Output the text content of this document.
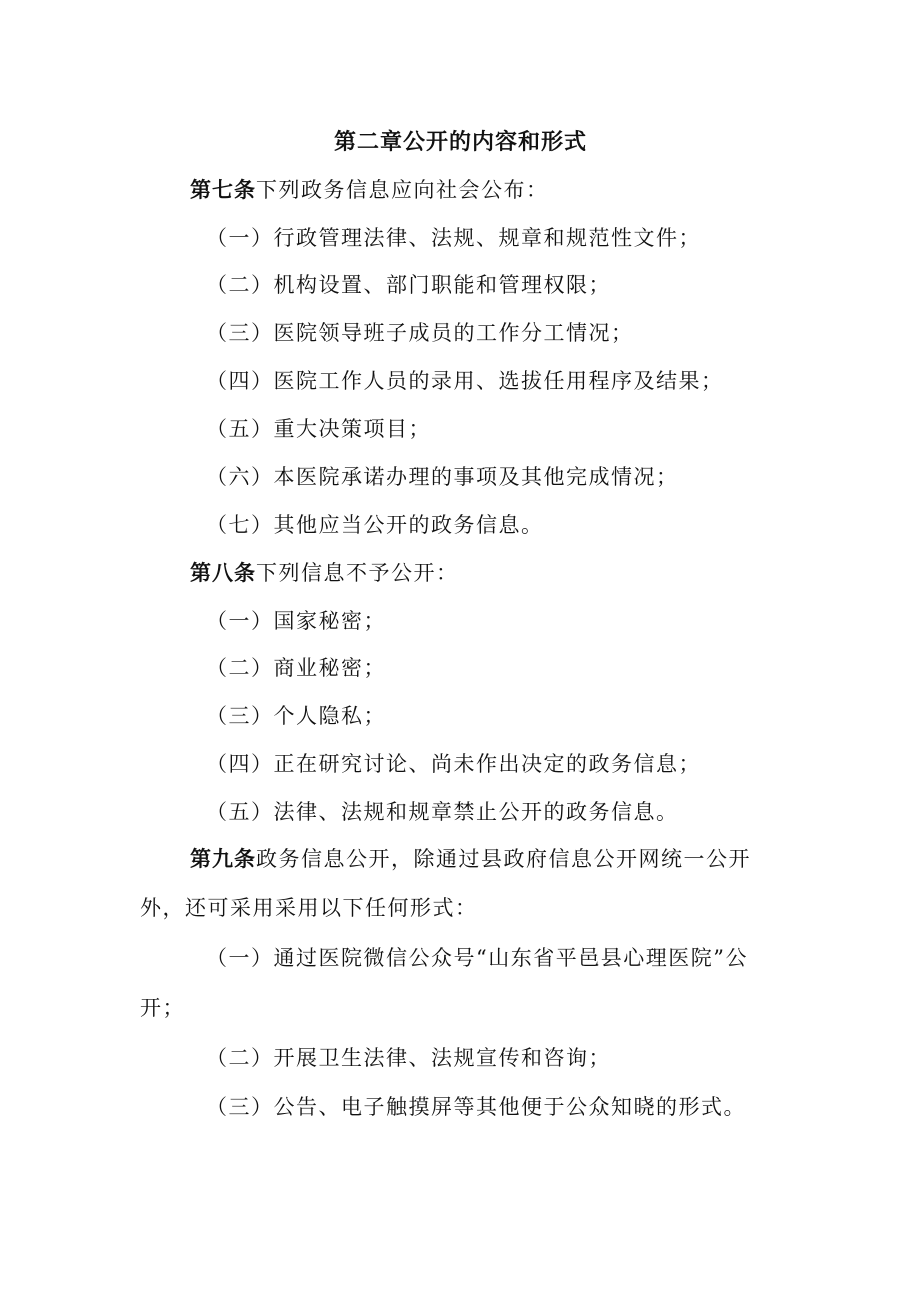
第二章公开的内容和形式
第七条下列政务信息应向社会公布：
（一）行政管理法律、法规、规章和规范性文件；
（二）机构设置、部门职能和管理权限；
（三）医院领导班子成员的工作分工情况；
（四）医院工作人员的录用、选拔任用程序及结果；
（五）重大决策项目；
（六）本医院承诺办理的事项及其他完成情况；
（七）其他应当公开的政务信息。
第八条下列信息不予公开：
（一）国家秘密；
（二）商业秘密；
（三）个人隐私；
（四）正在研究讨论、尚未作出决定的政务信息；
（五）法律、法规和规章禁止公开的政务信息。
第九条政务信息公开，除通过县政府信息公开网统一公开
外，还可采用采用以下任何形式：
（一）通过医院微信公众号“山东省平邑县心理医院”公
开；
（二）开展卫生法律、法规宣传和咨询；
（三）公告、电子触摸屏等其他便于公众知晓的形式。
